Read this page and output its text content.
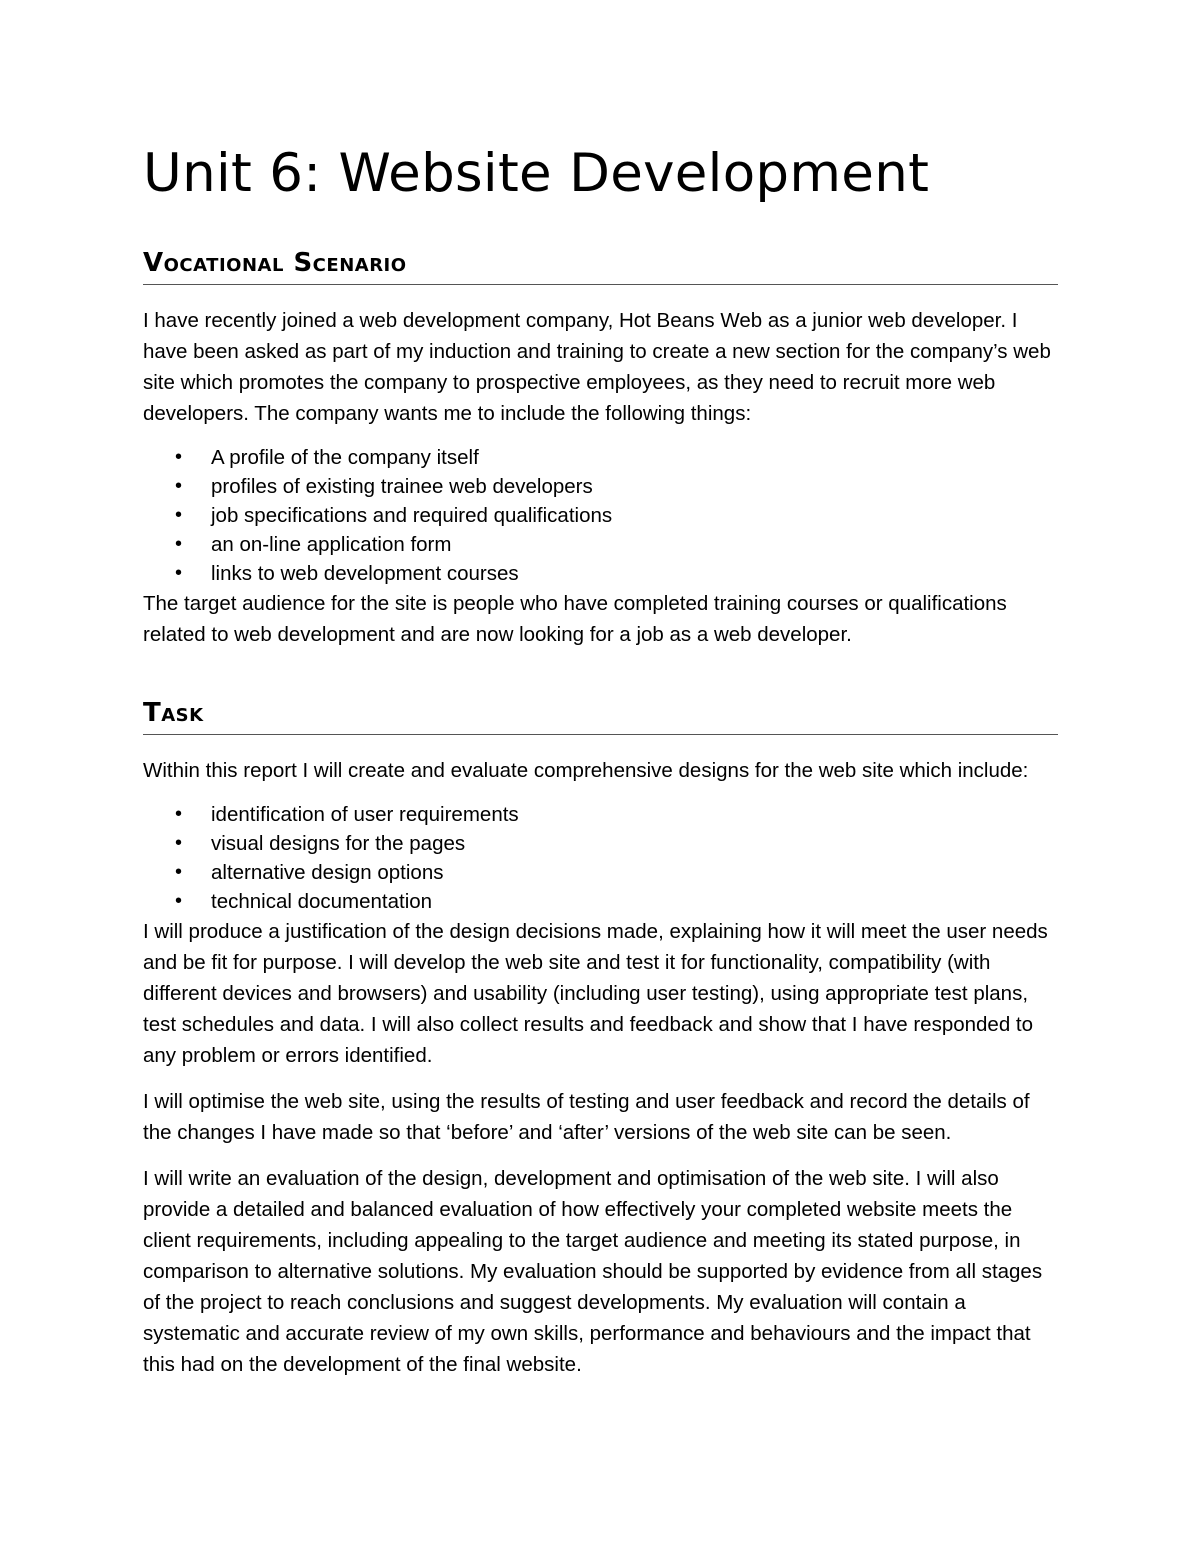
Unit 6: Website Development
Vocational Scenario

I have recently joined a web development company, Hot Beans Web as a junior web developer. I have been asked as part of my induction and training to create a new section for the company’s web site which promotes the company to prospective employees, as they need to recruit more web developers. The company wants me to include the following things:

• A profile of the company itself
• profiles of existing trainee web developers
• job specifications and required qualifications
• an on-line application form
• links to web development courses

The target audience for the site is people who have completed training courses or qualifications related to web development and are now looking for a job as a web developer.

Task

Within this report I will create and evaluate comprehensive designs for the web site which include:

• identification of user requirements
• visual designs for the pages
• alternative design options
• technical documentation

I will produce a justification of the design decisions made, explaining how it will meet the user needs and be fit for purpose. I will develop the web site and test it for functionality, compatibility (with different devices and browsers) and usability (including user testing), using appropriate test plans, test schedules and data. I will also collect results and feedback and show that I have responded to any problem or errors identified.

I will optimise the web site, using the results of testing and user feedback and record the details of the changes I have made so that ‘before’ and ‘after’ versions of the web site can be seen.

I will write an evaluation of the design, development and optimisation of the web site. I will also provide a detailed and balanced evaluation of how effectively your completed website meets the client requirements, including appealing to the target audience and meeting its stated purpose, in comparison to alternative solutions. My evaluation should be supported by evidence from all stages of the project to reach conclusions and suggest developments. My evaluation will contain a systematic and accurate review of my own skills, performance and behaviours and the impact that this had on the development of the final website.
